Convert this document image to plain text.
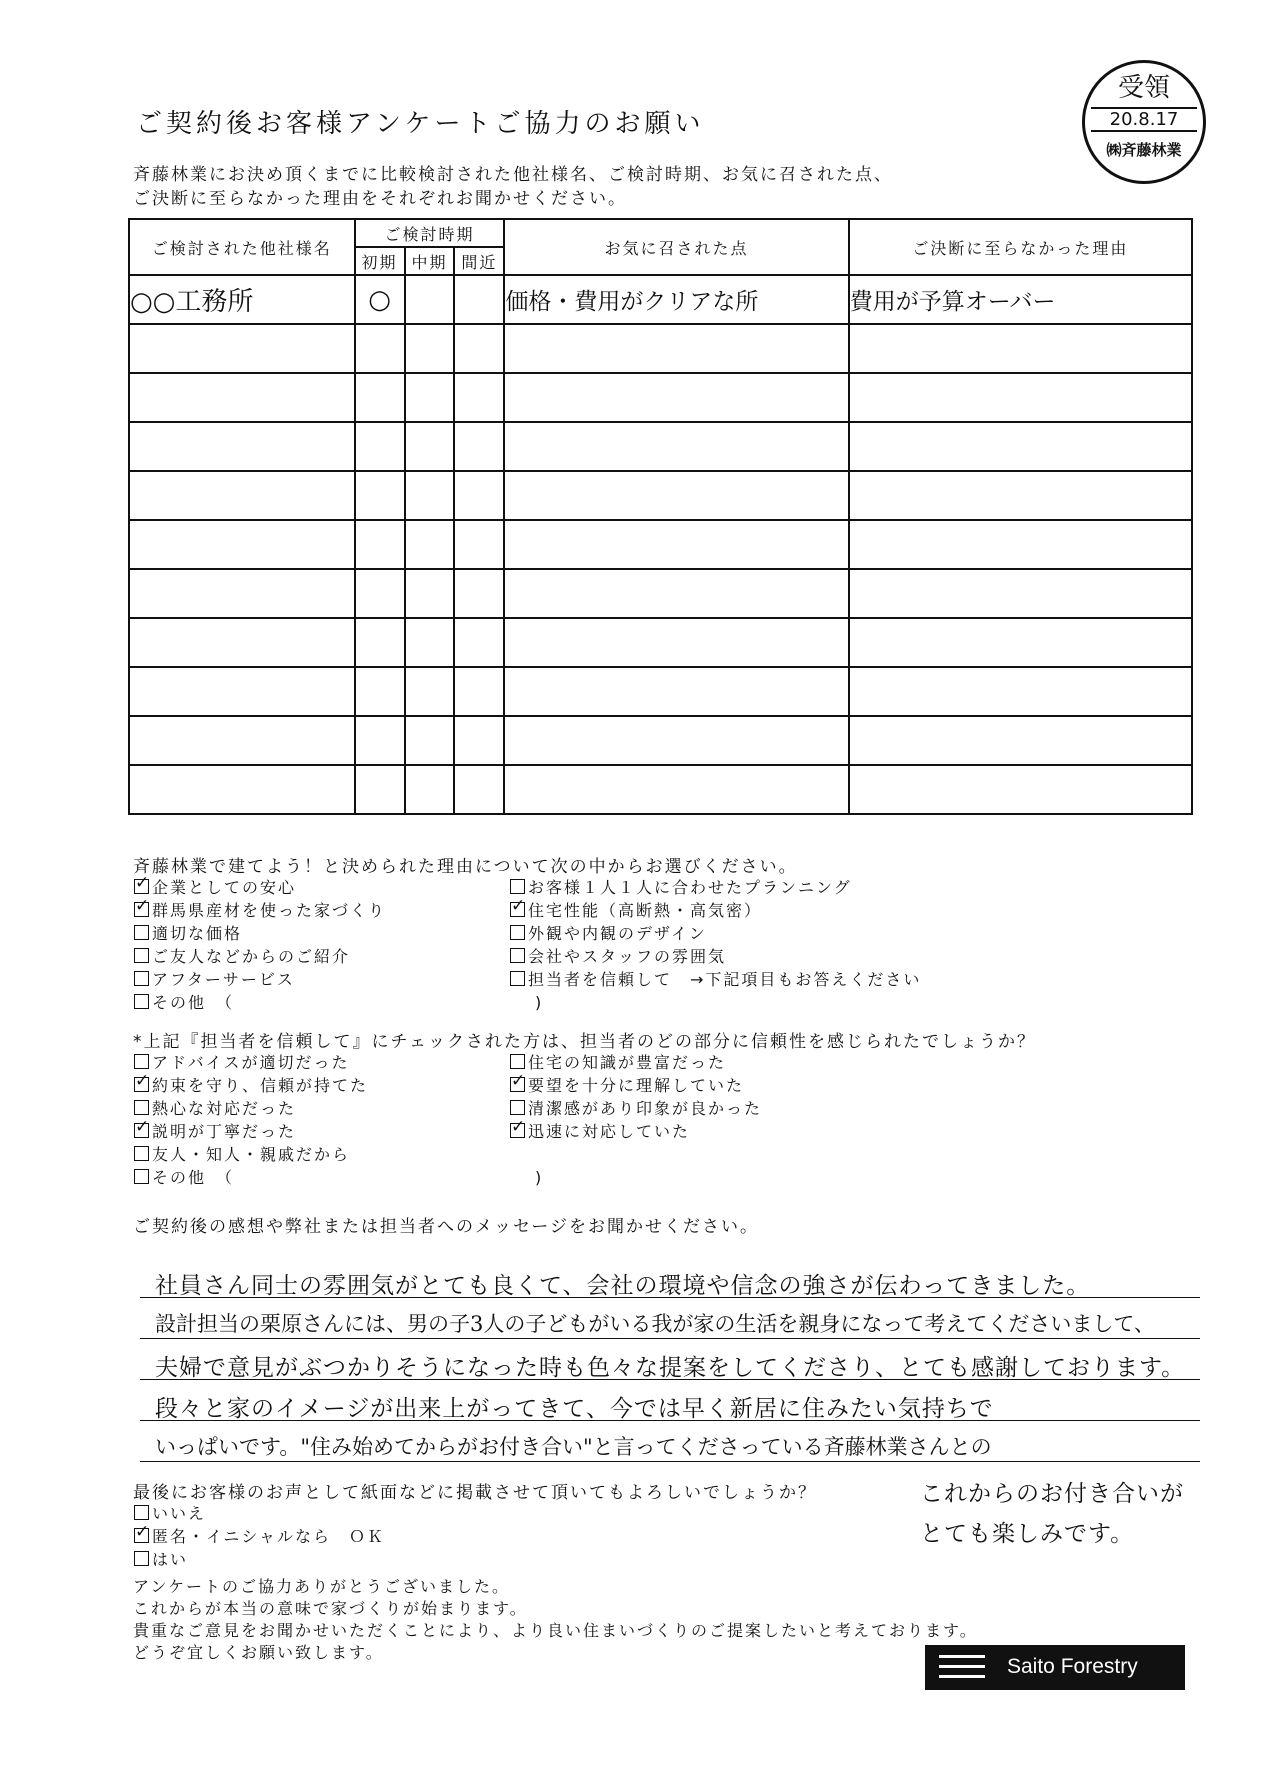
ご契約後お客様アンケートご協力のお願い
斉藤林業にお決め頂くまでに比較検討された他社様名、ご検討時期、お気に召された点、
ご決断に至らなかった理由をそれぞれお聞かせください。
受領
20.8.17
㈱斉藤林業
ご検討された他社様名	ご検討時期			お気に召された点	ご決断に至らなかった理由
	初期	中期	間近		
○○工務所	○			価格・費用がクリアな所	費用が予算オーバー

斉藤林業で建てよう！と決められた理由について次の中からお選びください。
✓企業としての安心
✓群馬県産材を使った家づくり
適切な価格
ご友人などからのご紹介
アフターサービス
その他　（
お客様１人１人に合わせたプランニング
✓住宅性能（高断熱・高気密）
外観や内観のデザイン
会社やスタッフの雰囲気
担当者を信頼して　→下記項目もお答えください
)
*上記『担当者を信頼して』にチェックされた方は、担当者のどの部分に信頼性を感じられたでしょうか？
アドバイスが適切だった
✓約束を守り、信頼が持てた
熱心な対応だった
✓説明が丁寧だった
友人・知人・親戚だから
その他　（
住宅の知識が豊富だった
✓要望を十分に理解していた
清潔感があり印象が良かった
✓迅速に対応していた
)
ご契約後の感想や弊社または担当者へのメッセージをお聞かせください。
社員さん同士の雰囲気がとても良くて、会社の環境や信念の強さが伝わってきました。
設計担当の栗原さんには、男の子3人の子どもがいる我が家の生活を親身になって考えてくださいまして、
夫婦で意見がぶつかりそうになった時も色々な提案をしてくださり、とても感謝しております。
段々と家のイメージが出来上がってきて、今では早く新居に住みたい気持ちで
いっぱいです。"住み始めてからがお付き合い"と言ってくださっている斉藤林業さんとの
これからのお付き合いが
とても楽しみです。
最後にお客様のお声として紙面などに掲載させて頂いてもよろしいでしょうか？
いいえ
✓匿名・イニシャルなら　ＯＫ
はい
アンケートのご協力ありがとうございました。
これからが本当の意味で家づくりが始まります。
貴重なご意見をお聞かせいただくことにより、より良い住まいづくりのご提案したいと考えております。
どうぞ宜しくお願い致します。
Saito Forestry
